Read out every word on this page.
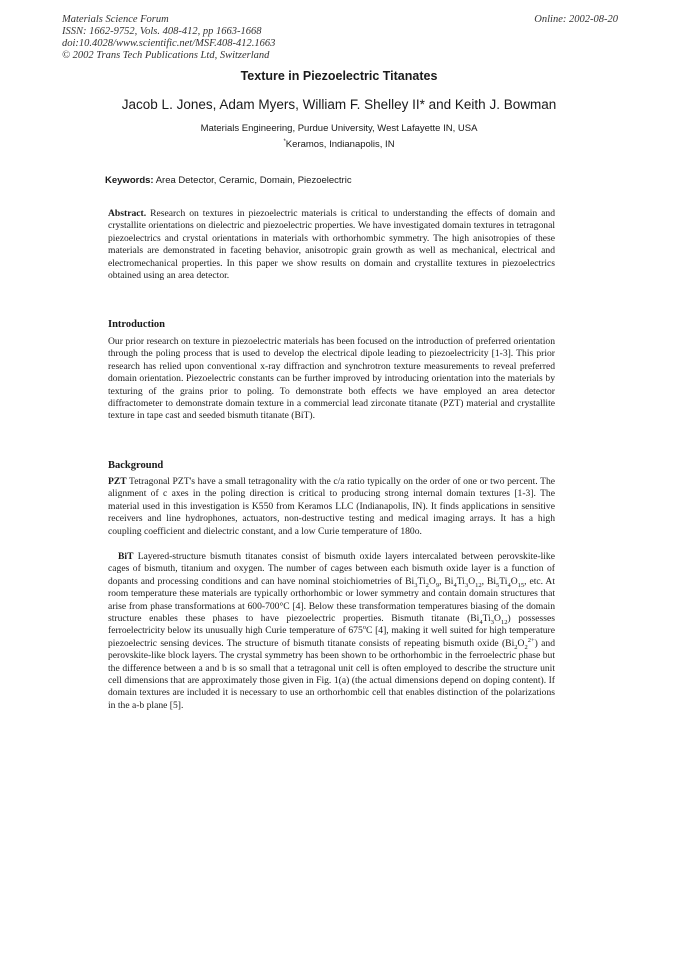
Materials Science Forum
ISSN: 1662-9752, Vols. 408-412, pp 1663-1668
doi:10.4028/www.scientific.net/MSF.408-412.1663
© 2002 Trans Tech Publications Ltd, Switzerland
Online: 2002-08-20
Texture in Piezoelectric Titanates
Jacob L. Jones, Adam Myers, William F. Shelley II* and Keith J. Bowman
Materials Engineering, Purdue University, West Lafayette IN, USA
*Keramos, Indianapolis, IN
Keywords: Area Detector, Ceramic, Domain, Piezoelectric

Abstract. Research on textures in piezoelectric materials is critical to understanding the effects of domain and crystallite orientations on dielectric and piezoelectric properties. We have investigated domain textures in tetragonal piezoelectrics and crystal orientations in materials with orthorhombic symmetry. The high anisotropies of these materials are demonstrated in faceting behavior, anisotropic grain growth as well as mechanical, electrical and electromechanical properties. In this paper we show results on domain and crystallite textures in piezoelectrics obtained using an area detector.

Introduction

Our prior research on texture in piezoelectric materials has been focused on the introduction of preferred orientation through the poling process that is used to develop the electrical dipole leading to piezoelectricity [1-3]. This prior research has relied upon conventional x-ray diffraction and synchrotron texture measurements to reveal preferred domain orientation. Piezoelectric constants can be further improved by introducing orientation into the materials by texturing of the grains prior to poling. To demonstrate both effects we have employed an area detector diffractometer to demonstrate domain texture in a commercial lead zirconate titanate (PZT) material and crystallite texture in tape cast and seeded bismuth titanate (BiT).

Background

PZT Tetragonal PZT's have a small tetragonality with the c/a ratio typically on the order of one or two percent. The alignment of c axes in the poling direction is critical to producing strong internal domain textures [1-3]. The material used in this investigation is K550 from Keramos LLC (Indianapolis, IN). It finds applications in sensitive receivers and line hydrophones, actuators, non-destructive testing and medical imaging arrays. It has a high coupling coefficient and dielectric constant, and a low Curie temperature of 180o.

BiT Layered-structure bismuth titanates consist of bismuth oxide layers intercalated between perovskite-like cages of bismuth, titanium and oxygen. The number of cages between each bismuth oxide layer is a function of dopants and processing conditions and can have nominal stoichiometries of $Bi_3Ti_2O_9$, $Bi_4Ti_3O_{12}$, $Bi_5Ti_4O_{15}$, etc. At room temperature these materials are typically orthorhombic or lower symmetry and contain domain structures that arise from phase transformations at 600-700°C [4]. Below these transformation temperatures biasing of the domain structure enables these phases to have piezoelectric properties. Bismuth titanate $(Bi_4Ti_3O_{12})$ possesses ferroelectricity below its unusually high Curie temperature of 675$^o$C [4], making it well suited for high temperature piezoelectric sensing devices. The structure of bismuth titanate consists of repeating bismuth oxide $(Bi_2O_2^{2+})$ and perovskite-like block layers. The crystal symmetry has been shown to be orthorhombic in the ferroelectric phase but the difference between a and b is so small that a tetragonal unit cell is often employed to describe the structure unit cell dimensions that are approximately those given in Fig. 1(a) (the actual dimensions depend on doping content). If domain textures are included it is necessary to use an orthorhombic cell that enables distinction of the polarizations in the a-b plane [5].
